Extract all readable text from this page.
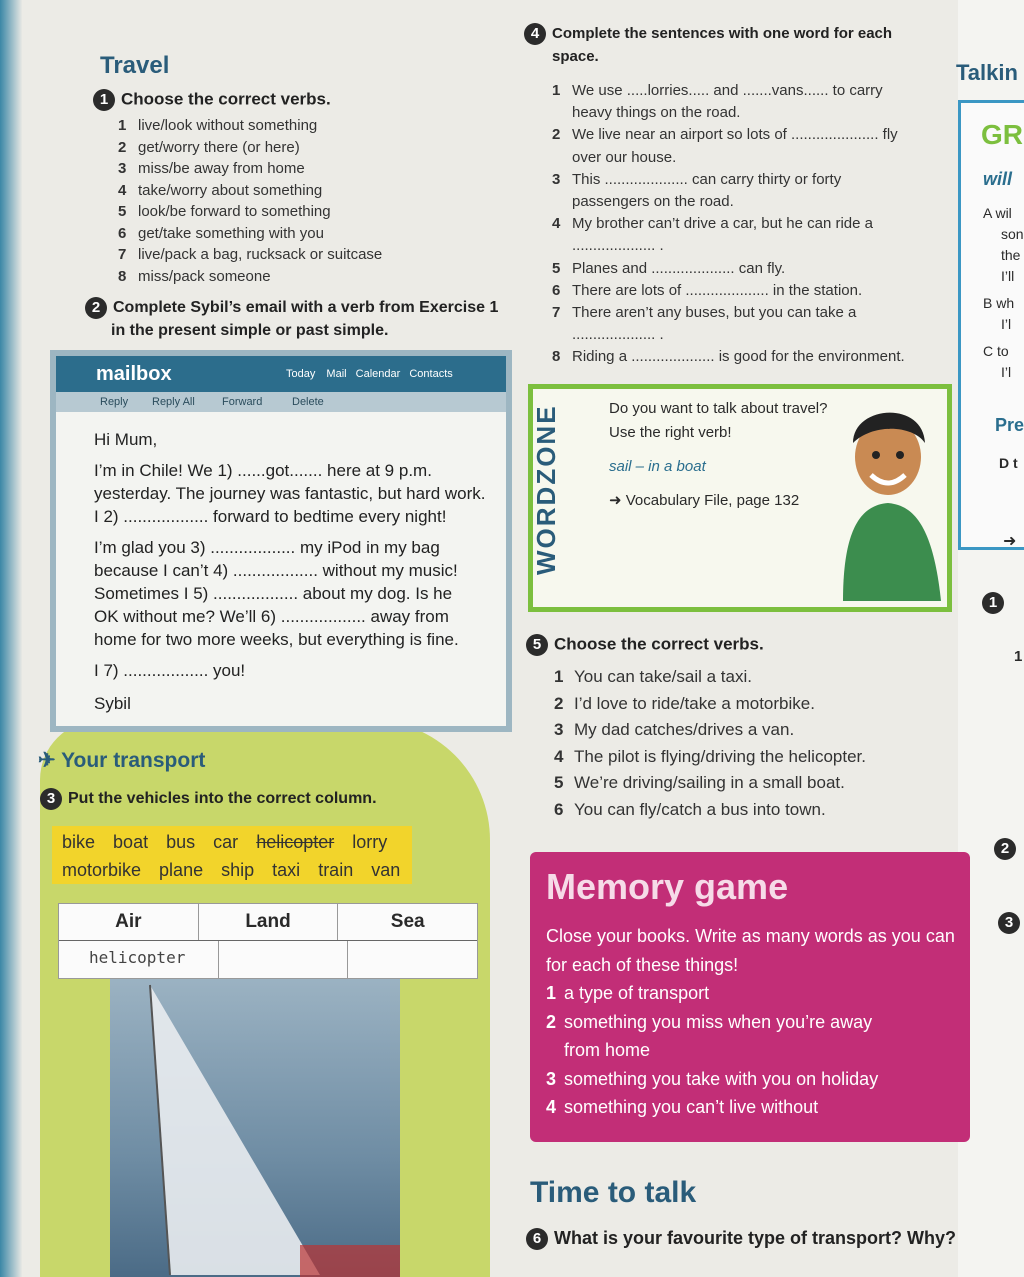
Travel
1 Choose the correct verbs.
1 live/look without something
2 get/worry there (or here)
3 miss/be away from home
4 take/worry about something
5 look/be forward to something
6 get/take something with you
7 live/pack a bag, rucksack or suitcase
8 miss/pack someone
2 Complete Sybil’s email with a verb from Exercise 1
in the present simple or past simple.
mailbox	Today Mail Calendar Contacts
Reply Reply All Forward	Delete
Hi Mum,
I’m in Chile! We 1) ......got....... here at 9 p.m.
yesterday. The journey was fantastic, but hard work.
I 2) .................. forward to bedtime every night!
I’m glad you 3) .................. my iPod in my bag
because I can’t 4) .................. without my music!
Sometimes I 5) .................. about my dog. Is he
OK without me? We’ll 6) .................. away from
home for two more weeks, but everything is fine.
I 7) .................. you!
Sybil
✈ Your transport
3 Put the vehicles into the correct column.
bike boat bus car helicopter lorry
motorbike plane ship taxi train van
Air	Land	Sea
helicopter
4 Complete the sentences with one word for each
space.
1 We use .....lorries..... and .......vans...... to carry
heavy things on the road.
2 We live near an airport so lots of ..................... fly
over our house.
3 This .................... can carry thirty or forty
passengers on the road.
4 My brother can’t drive a car, but he can ride a
.................... .
5 Planes and .................... can fly.
6 There are lots of .................... in the station.
7 There aren’t any buses, but you can take a
.................... .
8 Riding a .................... is good for the environment.
WORDZONE	Do you want to talk about travel?
Use the right verb!
sail – in a boat
➜ Vocabulary File, page 132
5 Choose the correct verbs.
1 You can take/sail a taxi.
2 I’d love to ride/take a motorbike.
3 My dad catches/drives a van.
4 The pilot is flying/driving the helicopter.
5 We’re driving/sailing in a small boat.
6 You can fly/catch a bus into town.
Memory game
Close your books. Write as many words as you can
for each of these things!
1 a type of transport
2 something you miss when you’re away
from home
3 something you take with you on holiday
4 something you can’t live without
Time to talk
6 What is your favourite type of transport? Why?
Talkin
GR
will
A wil
son
the
I’ll
B wh
I’l
C to
I’l
Pre
D t
➜
1
2
3
1
